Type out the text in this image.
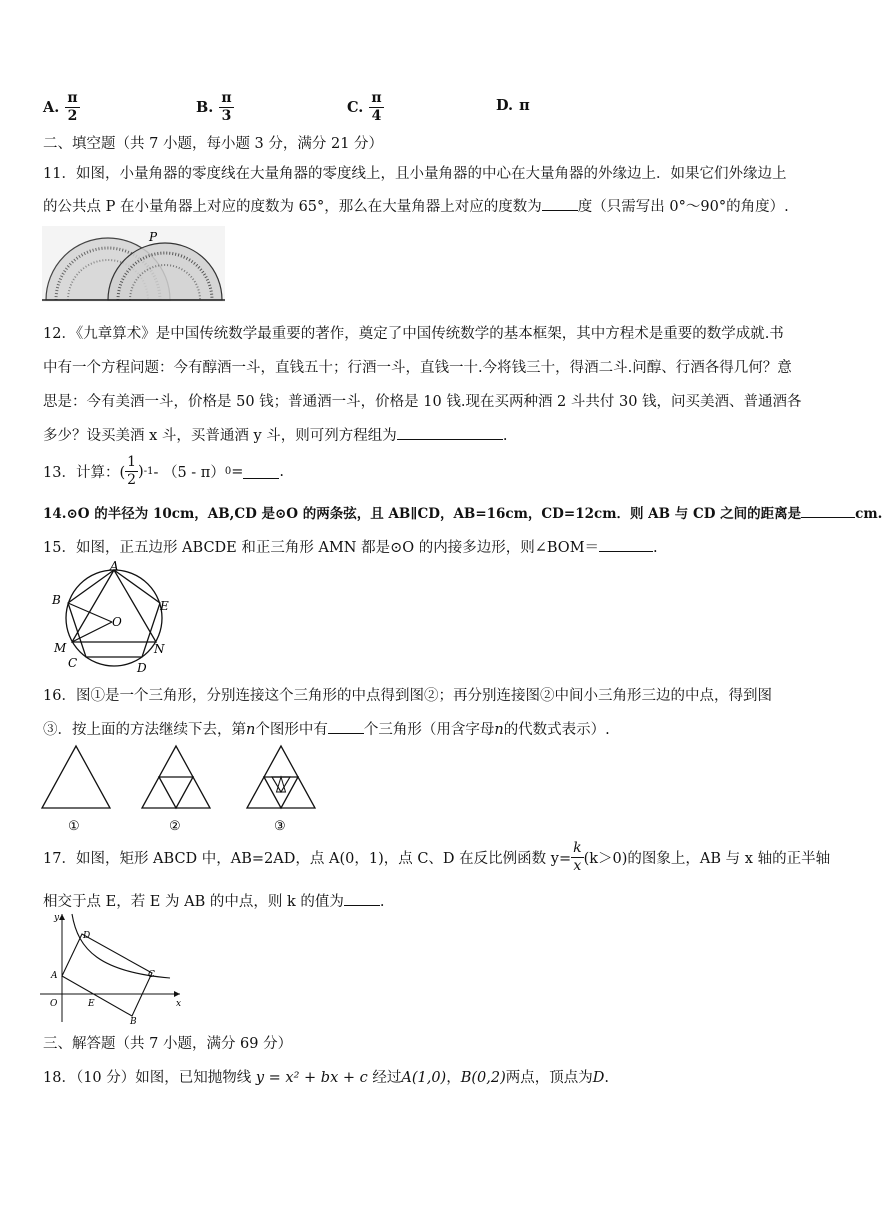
A. $\frac{\pi}{2}$	B. $\frac{\pi}{3}$	C. $\frac{\pi}{4}$	D. π
二、填空题（共 7 小题，每小题 3 分，满分 21 分）
11．如图，小量角器的零度线在大量角器的零度线上，且小量角器的中心在大量角器的外缘边上．如果它们外缘边上
的公共点 P 在小量角器上对应的度数为 65°，那么在大量角器上对应的度数为 度（只需写出 0°～90°的角度）.
P
12．《九章算术》是中国传统数学最重要的著作，奠定了中国传统数学的基本框架，其中方程术是重要的数学成就.书
中有一个方程问题：今有醇酒一斗，直钱五十；行酒一斗，直钱一十.今将钱三十，得酒二斗.问醇、行酒各得几何？意
思是：今有美酒一斗，价格是 50 钱；普通酒一斗，价格是 10 钱.现在买两种酒 2 斗共付 30 钱，问买美酒、普通酒各
多少？设买美酒 x 斗，买普通酒 y 斗，则可列方程组为	.
13．计算：( $\frac{1}{2}$ ) -1 - （5 - π） 0 = .
14.⊙O 的半径为 10cm，AB,CD 是⊙O 的两条弦，且 AB∥CD，AB=16cm，CD=12cm．则 AB 与 CD 之间的距离是	cm.
15．如图，正五边形 ABCDE 和正三角形 AMN 都是⊙O 的内接多边形，则∠BOM＝	.
A
B
C	D
E
M	N
O
16．图①是一个三角形，分别连接这个三角形的中点得到图②；再分别连接图②中间小三角形三边的中点，得到图
③．按上面的方法继续下去，第n个图形中有 个三角形（用含字母n的代数式表示）.
①	②	③
17．如图，矩形 ABCD 中，AB=2AD，点 A(0，1)，点 C、D 在反比例函数 $y= \frac{k}{x} (k>0)$的图象上，AB 与 x 轴的正半轴
相交于点 E，若 E 为 AB 的中点，则 k 的值为 .
y
x
O
A
B
C
D
E
三、解答题（共 7 小题，满分 69 分）
18．（10 分）如图，已知抛物线 y = x² + bx + c 经过A(1,0)，B(0,2)两点，顶点为D.
